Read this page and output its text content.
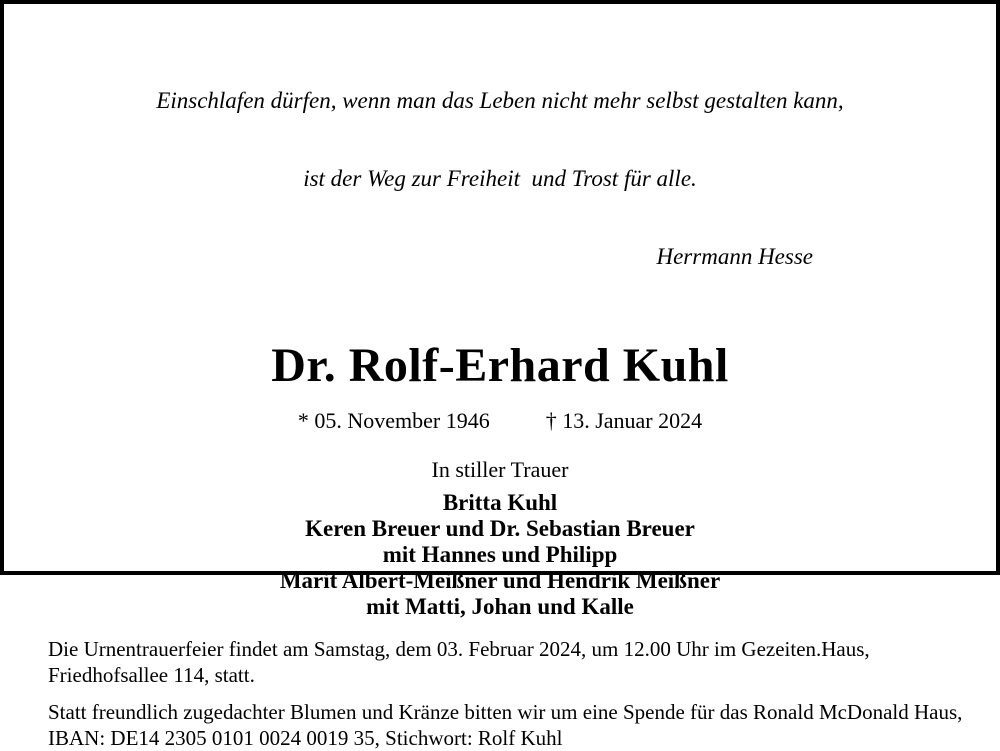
Einschlafen dürfen, wenn man das Leben nicht mehr selbst gestalten kann,

ist der Weg zur Freiheit  und Trost für alle.

Herrmann Hesse

Dr. Rolf-Erhard Kuhl
* 05. November 1946	† 13. Januar 2024
In stiller Trauer
Britta Kuhl
Keren Breuer und Dr. Sebastian Breuer
mit Hannes und Philipp
Marit Albert-Meißner und Hendrik Meißner
mit Matti, Johan und Kalle
Die Urnentrauerfeier findet am Samstag, dem 03. Februar 2024, um 12.00 Uhr im Gezeiten.Haus,
Friedhofsallee 114, statt.
Statt freundlich zugedachter Blumen und Kränze bitten wir um eine Spende für das Ronald McDonald Haus,
IBAN: DE14 2305 0101 0024 0019 35, Stichwort: Rolf Kuhl
